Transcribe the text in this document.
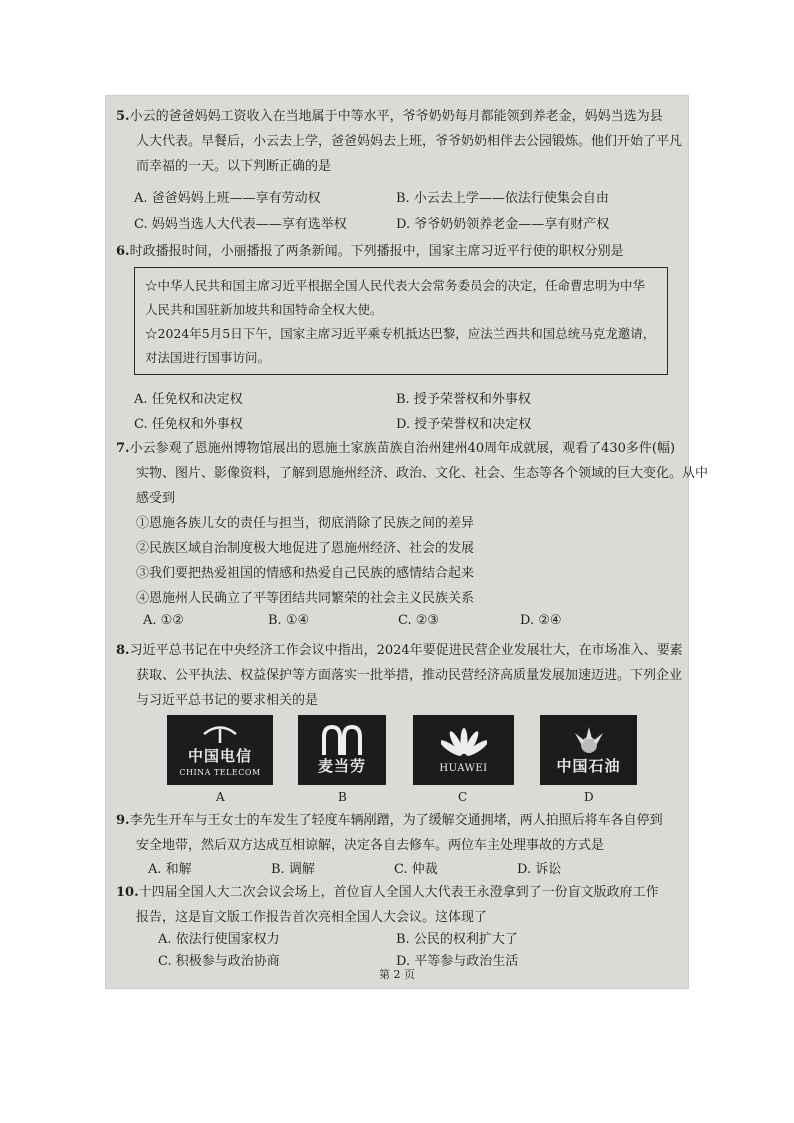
5.小云的爸爸妈妈工资收入在当地属于中等水平，爷爷奶奶每月都能领到养老金，妈妈当选为县
人大代表。早餐后，小云去上学，爸爸妈妈去上班，爷爷奶奶相伴去公园锻炼。他们开始了平凡
而幸福的一天。以下判断正确的是
A. 爸爸妈妈上班——享有劳动权	B. 小云去上学——依法行使集会自由
C. 妈妈当选人大代表——享有选举权	D. 爷爷奶奶领养老金——享有财产权
6.时政播报时间，小丽播报了两条新闻。下列播报中，国家主席习近平行使的职权分别是
☆中华人民共和国主席习近平根据全国人民代表大会常务委员会的决定，任命曹忠明为中华
人民共和国驻新加坡共和国特命全权大使。
☆2024年5月5日下午，国家主席习近平乘专机抵达巴黎，应法兰西共和国总统马克龙邀请，
对法国进行国事访问。
A. 任免权和决定权	B. 授予荣誉权和外事权
C. 任免权和外事权	D. 授予荣誉权和决定权
7.小云参观了恩施州博物馆展出的恩施土家族苗族自治州建州40周年成就展，观看了430多件(幅)
实物、图片、影像资料，了解到恩施州经济、政治、文化、社会、生态等各个领域的巨大变化。从中
感受到
①恩施各族儿女的责任与担当，彻底消除了民族之间的差异
②民族区域自治制度极大地促进了恩施州经济、社会的发展
③我们要把热爱祖国的情感和热爱自己民族的感情结合起来
④恩施州人民确立了平等团结共同繁荣的社会主义民族关系
A. ①②	B. ①④	C. ②③	D. ②④
8.习近平总书记在中央经济工作会议中指出，2024年要促进民营企业发展壮大，在市场准入、要素
获取、公平执法、权益保护等方面落实一批举措，推动民营经济高质量发展加速迈进。下列企业
与习近平总书记的要求相关的是
中国电信
CHINA TELECOM
A
麦当劳
B
HUAWEI
C
中国石油
D
9.李先生开车与王女士的车发生了轻度车辆剐蹭，为了缓解交通拥堵，两人拍照后将车各自停到
安全地带，然后双方达成互相谅解，决定各自去修车。两位车主处理事故的方式是
A. 和解	B. 调解	C. 仲裁	D. 诉讼
10.十四届全国人大二次会议会场上，首位盲人全国人大代表王永澄拿到了一份盲文版政府工作
报告，这是盲文版工作报告首次亮相全国人大会议。这体现了
A. 依法行使国家权力	B. 公民的权利扩大了
C. 积极参与政治协商	D. 平等参与政治生活
第 2 页
